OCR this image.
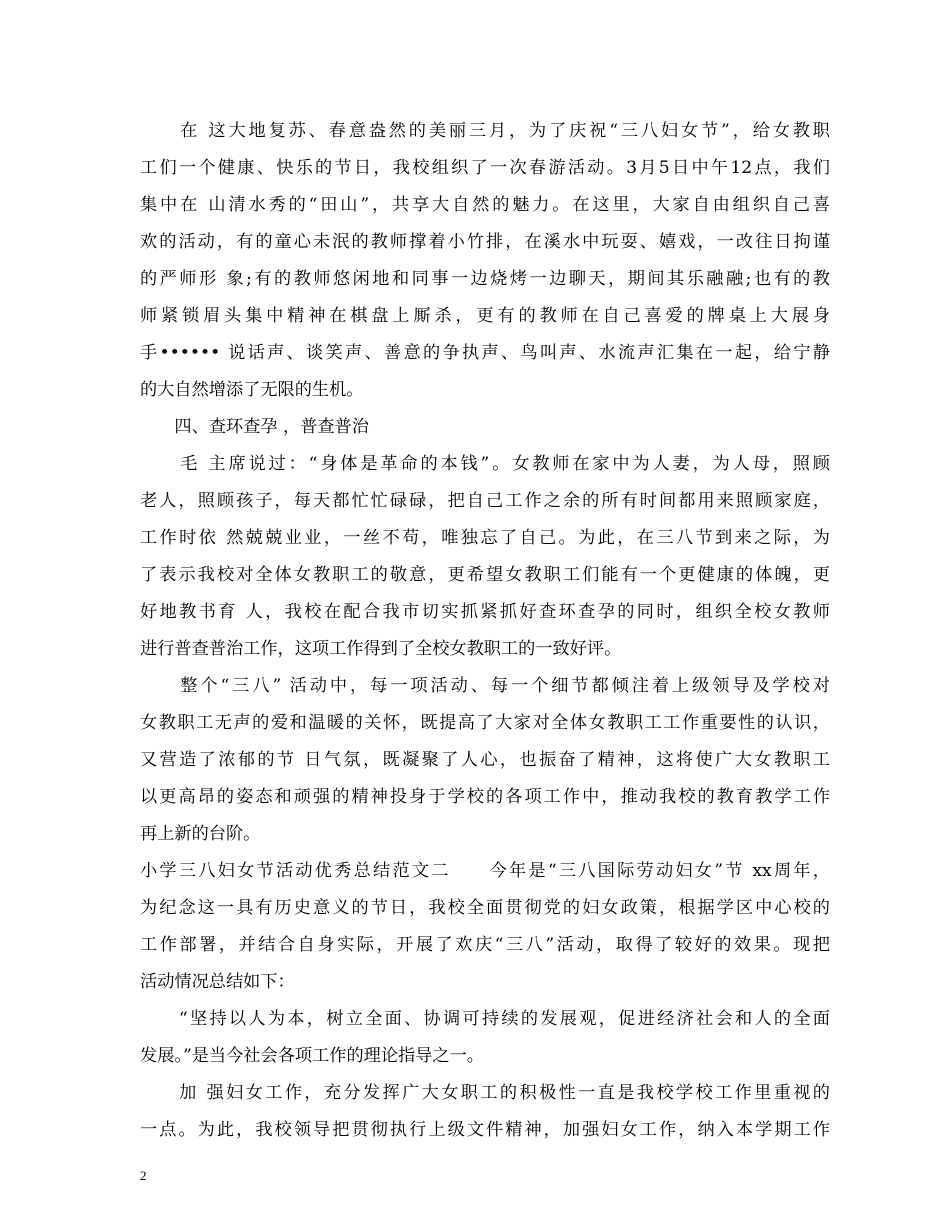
　　在 这大地复苏、春意盎然的美丽三月，为了庆祝“三八妇女节”，给女教职
工们一个健康、快乐的节日，我校组织了一次春游活动。3月5日中午12点，我们
集中在 山清水秀的“田山”，共享大自然的魅力。在这里，大家自由组织自己喜
欢的活动，有的童心未泯的教师撑着小竹排，在溪水中玩耍、嬉戏，一改往日拘谨
的严师形 象;有的教师悠闲地和同事一边烧烤一边聊天，期间其乐融融;也有的教
师紧锁眉头集中精神在棋盘上厮杀，更有的教师在自己喜爱的牌桌上大展身
手•••••• 说话声、谈笑声、善意的争执声、鸟叫声、水流声汇集在一起，给宁静
的大自然增添了无限的生机。
　　四、查环查孕 ，普查普治
　　毛 主席说过：“身体是革命的本钱”。女教师在家中为人妻，为人母，照顾
老人，照顾孩子，每天都忙忙碌碌，把自己工作之余的所有时间都用来照顾家庭，
工作时依 然兢兢业业，一丝不苟，唯独忘了自己。为此，在三八节到来之际，为
了表示我校对全体女教职工的敬意，更希望女教职工们能有一个更健康的体魄，更
好地教书育 人，我校在配合我市切实抓紧抓好查环查孕的同时，组织全校女教师
进行普查普治工作，这项工作得到了全校女教职工的一致好评。
　　整个“三八” 活动中，每一项活动、每一个细节都倾注着上级领导及学校对
女教职工无声的爱和温暖的关怀，既提高了大家对全体女教职工工作重要性的认识，
又营造了浓郁的节 日气氛，既凝聚了人心，也振奋了精神，这将使广大女教职工
以更高昂的姿态和顽强的精神投身于学校的各项工作中，推动我校的教育教学工作
再上新的台阶。
小学三八妇女节活动优秀总结范文二　　今年是“三八国际劳动妇女”节 xx周年，
为纪念这一具有历史意义的节日，我校全面贯彻党的妇女政策，根据学区中心校的
工作部署，并结合自身实际，开展了欢庆“三八”活动，取得了较好的效果。现把
活动情况总结如下：
　　“坚持以人为本，树立全面、协调可持续的发展观，促进经济社会和人的全面
发展。”是当今社会各项工作的理论指导之一。
　　加 强妇女工作，充分发挥广大女职工的积极性一直是我校学校工作里重视的
一点。为此，我校领导把贯彻执行上级文件精神，加强妇女工作，纳入本学期工作
2
